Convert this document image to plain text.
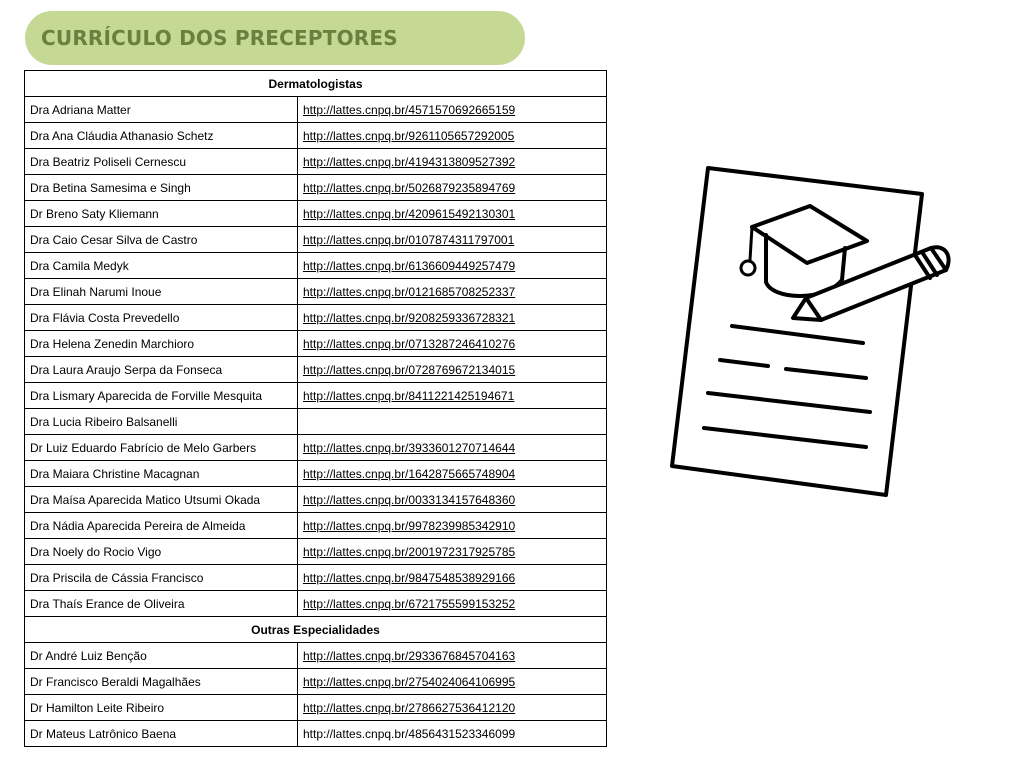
CURRÍCULO DOS PRECEPTORES
Dermatologistas	
Dra Adriana Matter	http://lattes.cnpq.br/4571570692665159
Dra Ana Cláudia Athanasio Schetz	http://lattes.cnpq.br/9261105657292005
Dra Beatriz Poliseli Cernescu	http://lattes.cnpq.br/4194313809527392
Dra Betina Samesima e Singh	http://lattes.cnpq.br/5026879235894769
Dr Breno Saty Kliemann	http://lattes.cnpq.br/4209615492130301
Dra Caio Cesar Silva de Castro	http://lattes.cnpq.br/0107874311797001
Dra Camila Medyk	http://lattes.cnpq.br/6136609449257479
Dra Elinah Narumi Inoue	http://lattes.cnpq.br/0121685708252337
Dra Flávia Costa Prevedello	http://lattes.cnpq.br/9208259336728321
Dra Helena Zenedin Marchioro	http://lattes.cnpq.br/0713287246410276
Dra Laura Araujo Serpa da Fonseca	http://lattes.cnpq.br/0728769672134015
Dra Lismary Aparecida de Forville Mesquita	http://lattes.cnpq.br/8411221425194671
Dra Lucia Ribeiro Balsanelli	
Dr Luiz Eduardo Fabrício de Melo Garbers	http://lattes.cnpq.br/3933601270714644
Dra Maiara Christine Macagnan	http://lattes.cnpq.br/1642875665748904
Dra Maísa Aparecida Matico Utsumi Okada	http://lattes.cnpq.br/0033134157648360
Dra Nádia Aparecida Pereira de Almeida	http://lattes.cnpq.br/9978239985342910
Dra Noely do Rocio Vigo	http://lattes.cnpq.br/2001972317925785
Dra Priscila de Cássia Francisco	http://lattes.cnpq.br/9847548538929166
Dra Thaís Erance de Oliveira	http://lattes.cnpq.br/6721755599153252
Outras Especialidades	
Dr André Luiz Benção	http://lattes.cnpq.br/2933676845704163
Dr Francisco Beraldi Magalhães	http://lattes.cnpq.br/2754024064106995
Dr Hamilton Leite Ribeiro	http://lattes.cnpq.br/2786627536412120
Dr Mateus Latrônico Baena	http://lattes.cnpq.br/4856431523346099
